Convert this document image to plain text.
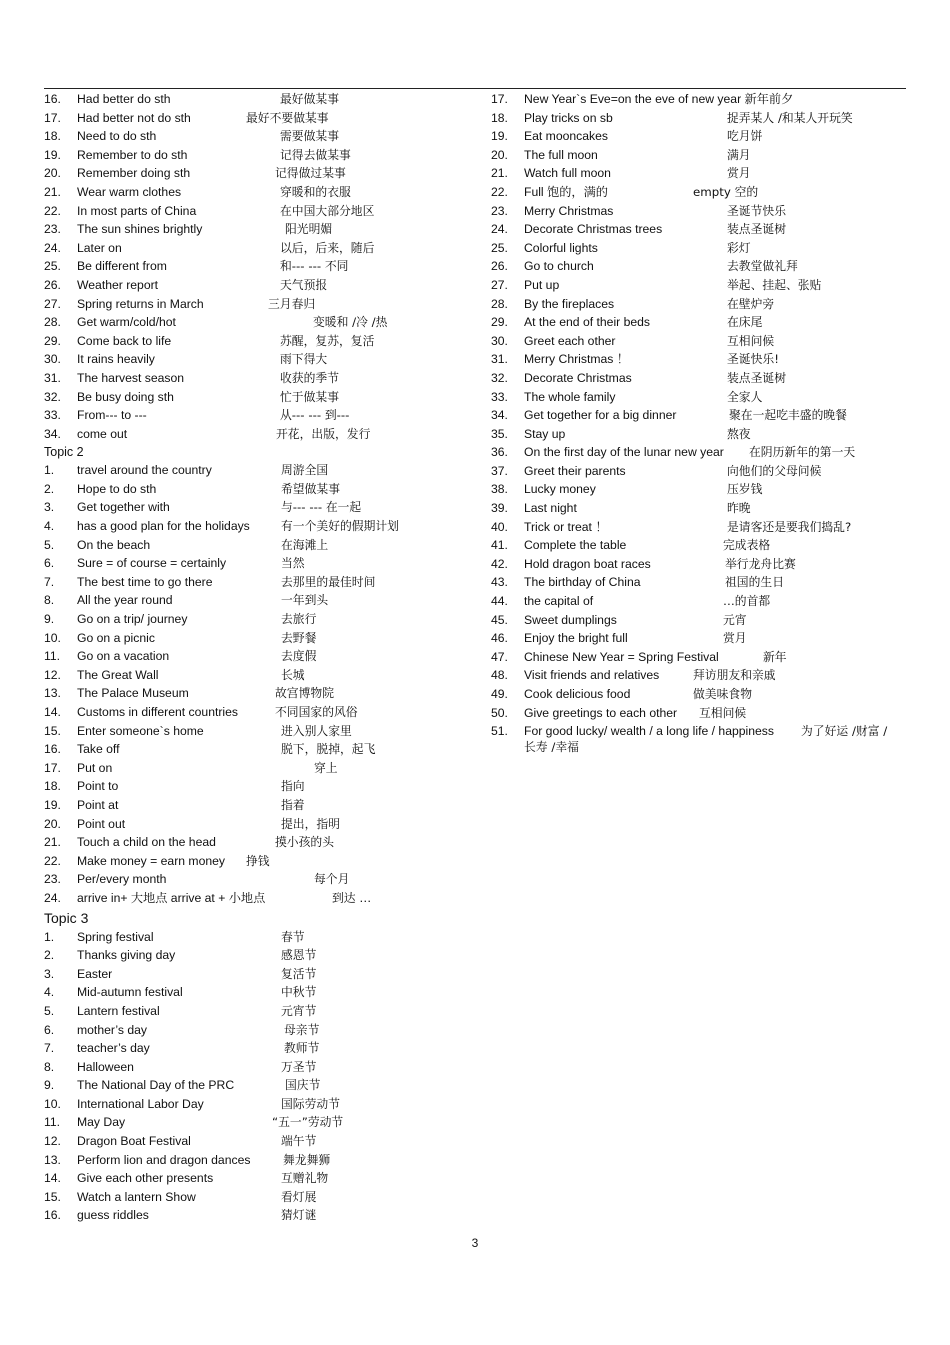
16. Had better do sth	最好做某事
17. Had better not do sth	最好不要做某事
18. Need to do sth	需要做某事
19. Remember to do sth	记得去做某事
20. Remember doing sth	记得做过某事
21. Wear warm clothes	穿暖和的衣服
22. In most parts of China	在中国大部分地区
23. The sun shines brightly	阳光明媚
24. Later on	以后，后来，随后
25. Be different from	和--- --- 不同
26. Weather report	天气预报
27. Spring returns in March	三月春归
28. Get warm/cold/hot	变暖和 /冷 /热
29. Come back to life	苏醒，复苏，复活
30. It rains heavily	雨下得大
31. The harvest season	收获的季节
32. Be busy doing sth	忙于做某事
33. From--- to ---	从--- --- 到---
34. come out	开花，出版，发行
Topic 2
1. travel around the country	周游全国
2. Hope to do sth	希望做某事
3. Get together with	与--- --- 在一起
4. has a good plan for the holidays	有一个美好的假期计划
5. On the beach	在海滩上
6. Sure = of course = certainly	当然
7. The best time to go there	去那里的最佳时间
8. All the year round	一年到头
9. Go on a trip/ journey	去旅行
10. Go on a picnic	去野餐
11. Go on a vacation	去度假
12. The Great Wall	长城
13. The Palace Museum	故宫博物院
14. Customs in different countries	不同国家的风俗
15. Enter someone`s home	进入别人家里
16. Take off	脱下，脱掉，起飞
17. Put on	穿上
18. Point to	指向
19. Point at	指着
20. Point out	提出，指明
21. Touch a child on the head	摸小孩的头
22. Make money = earn money 挣钱
23. Per/every month	每个月
24. arrive in+ 大地点 arrive at + 小地点	到达 …
Topic 3
1. Spring festival	春节
2. Thanks giving day	感恩节
3. Easter	复活节
4. Mid-autumn festival	中秋节
5. Lantern festival	元宵节
6. mother’s day	母亲节
7. teacher’s day	教师节
8. Halloween	万圣节
9. The National Day of the PRC	国庆节
10. International Labor Day	国际劳动节
11. May Day	“五一”劳动节
12. Dragon Boat Festival	端午节
13. Perform lion and dragon dances	舞龙舞狮
14. Give each other presents	互赠礼物
15. Watch a lantern Show	看灯展
16. guess riddles	猜灯谜
17. New Year`s Eve=on the eve of new year 新年前夕
18. Play tricks on sb	捉弄某人 /和某人开玩笑
19. Eat mooncakes	吃月饼
20. The full moon	满月
21. Watch full moon	赏月
22. Full 饱的，满的	empty 空的
23. Merry Christmas	圣诞节快乐
24. Decorate Christmas trees	装点圣诞树
25. Colorful lights	彩灯
26. Go to church	去教堂做礼拜
27. Put up	举起、挂起、张贴
28. By the fireplaces	在壁炉旁
29. At the end of their beds	在床尾
30. Greet each other	互相问候
31. Merry Christmas ！	圣诞快乐!
32. Decorate Christmas	装点圣诞树
33. The whole family	全家人
34. Get together for a big dinner	聚在一起吃丰盛的晚餐
35. Stay up	熬夜
36. On the first day of the lunar new year 在阴历新年的第一天
37. Greet their parents	向他们的父母问候
38. Lucky money	压岁钱
39. Last night	昨晚
40. Trick or treat ！	是请客还是要我们捣乱?
41. Complete the table	完成表格
42. Hold dragon boat races	举行龙舟比赛
43. The birthday of China	祖国的生日
44. the capital of	…的首都
45. Sweet dumplings	元宵
46. Enjoy the bright full	赏月
47. Chinese New Year = Spring Festival	新年
48. Visit friends and relatives	拜访朋友和亲戚
49. Cook delicious food	做美味食物
50. Give greetings to each other 互相问候
51. For good lucky/ wealth / a long life / happiness 为了好运 /财富 /
长寿 /幸福
3
